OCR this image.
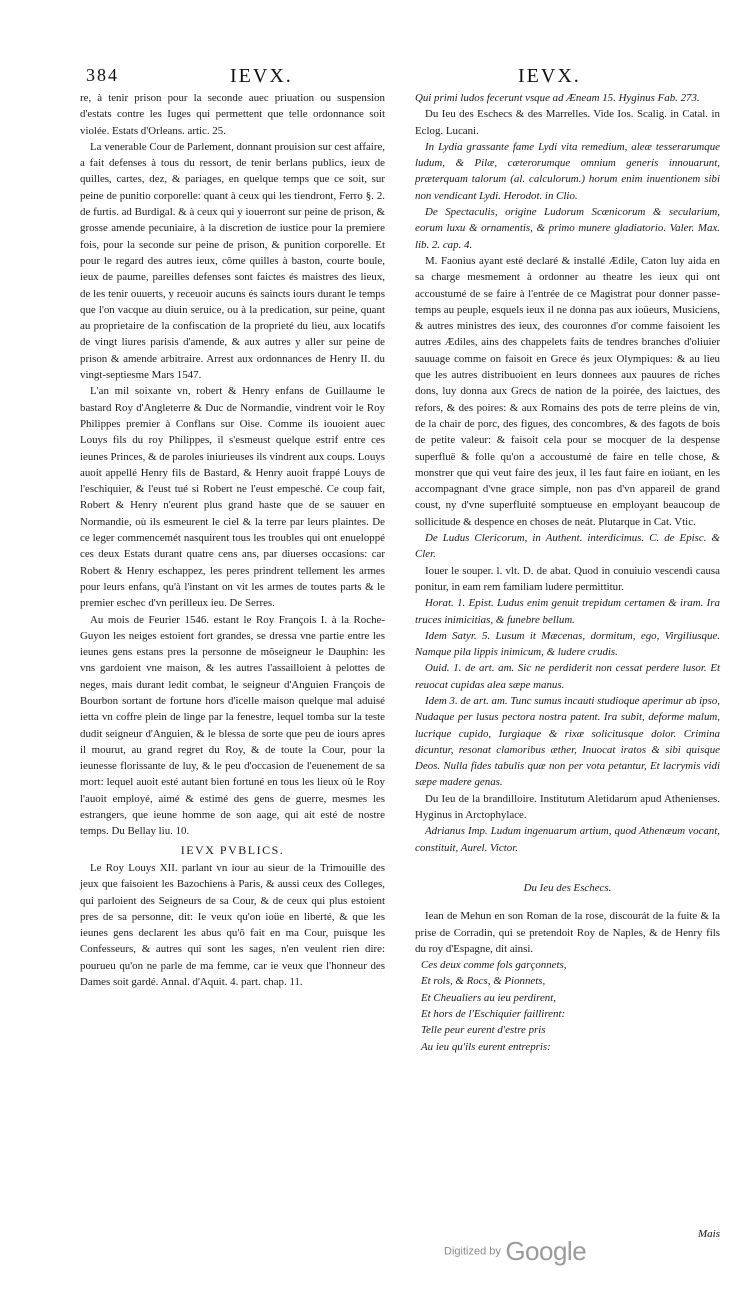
384	IEVX.	IEVX.

re, à tenir prison pour la seconde auec priuation ou suspension d'estats contre les Iuges qui permettent que telle ordonnance soit violée. Estats d'Orleans. artic. 25.

La venerable Cour de Parlement, donnant prouision sur cest affaire, a fait defenses à tous du ressort, de tenir berlans publics, ieux de quilles, cartes, dez, & pariages, en quelque temps que ce soit, sur peine de punitio corporelle: quant à ceux qui les tiendront, Ferro §. 2. de furtis. ad Burdigal. & à ceux qui y iouerront sur peine de prison, & grosse amende pecuniaire, à la discretion de iustice pour la premiere fois, pour la seconde sur peine de prison, & punition corporelle. Et pour le regard des autres ieux, côme quilles à baston, courte boule, ieux de paume, pareilles defenses sont faictes és maistres des lieux, de les tenir ouuerts, y receuoir aucuns és saincts iours durant le temps que l'on vacque au diuin seruice, ou à la predication, sur peine, quant au proprietaire de la confiscation de la proprieté du lieu, aux locatifs de vingt liures parisis d'amende, & aux autres y aller sur peine de prison & amende arbitraire. Arrest aux ordonnances de Henry II. du vingt-septiesme Mars 1547.

L'an mil soixante vn, robert & Henry enfans de Guillaume le bastard Roy d'Angleterre & Duc de Normandie, vindrent voir le Roy Philippes premier à Conflans sur Oise. Comme ils iouoient auec Louys fils du roy Philippes, il s'esmeust quelque estrif entre ces ieunes Princes, & de paroles iniurieuses ils vindrent aux coups. Louys auoit appellé Henry fils de Bastard, & Henry auoit frappé Louys de l'eschiquier, & l'eust tué si Robert ne l'eust empesché. Ce coup fait, Robert & Henry n'eurent plus grand haste que de se sauuer en Normandie, où ils esmeurent le ciel & la terre par leurs plaintes. De ce leger commencemét nasquirent tous les troubles qui ont enueloppé ces deux Estats durant quatre cens ans, par diuerses occasions: car Robert & Henry eschappez, les peres prindrent tellement les armes pour leurs enfans, qu'à l'instant on vit les armes de toutes parts & le premier eschec d'vn perilleux ieu. De Serres.

Au mois de Feurier 1546. estant le Roy François I. à la Roche-Guyon les neiges estoient fort grandes, se dressa vne partie entre les ieunes gens estans pres la personne de mõseigneur le Dauphin: les vns gardoient vne maison, & les autres l'assailloient à pelottes de neges, mais durant ledit combat, le seigneur d'Anguien François de Bourbon sortant de fortune hors d'icelle maison quelque mal aduisé ietta vn coffre plein de linge par la fenestre, lequel tomba sur la teste dudit seigneur d'Anguien, & le blessa de sorte que peu de iours apres il mourut, au grand regret du Roy, & de toute la Cour, pour la ieunesse florissante de luy, & le peu d'occasion de l'euenement de sa mort: lequel auoit esté autant bien fortuné en tous les lieux où le Roy l'auoit employé, aimé & estimé des gens de guerre, mesmes les estrangers, que ieune homme de son aage, qui ait esté de nostre temps. Du Bellay liu. 10.

IEVX PVBLICS.

Le Roy Louys XII. parlant vn iour au sieur de la Trimouille des jeux que faisoient les Bazochiens à Paris, & aussi ceux des Colleges, qui parloient des Seigneurs de sa Cour, & de ceux qui plus estoient pres de sa personne, dit: Ie veux qu'on ioüe en liberté, & que les ieunes gens declarent les abus qu'õ fait en ma Cour, puisque les Confesseurs, & autres qui sont les sages, n'en veulent rien dire: pourueu qu'on ne parle de ma femme, car ie veux que l'honneur des Dames soit gardé. Annal. d'Aquit. 4. part. chap. 11.

Qui primi ludos fecerunt vsque ad Æneam 15. Hyginus Fab. 273.

Du Ieu des Eschecs & des Marrelles. Vide Ios. Scalig. in Catal. in Eclog. Lucani.

In Lydia grassante fame Lydi vita remedium, aleæ tesserarumque ludum, & Pilæ, cæterorumque omnium generis innouarunt, præterquam talorum (al. calculorum.) horum enim inuentionem sibi non vendicant Lydi. Herodot. in Clio.

De Spectaculis, origine Ludorum Scænicorum & secularium, eorum luxu & ornamentis, & primo munere gladiatorio. Valer. Max. lib. 2. cap. 4.

M. Faonius ayant esté declaré & installé Ædile, Caton luy aida en sa charge mesmement à ordonner au theatre les ieux qui ont accoustumé de se faire à l'entrée de ce Magistrat pour donner passe-temps au peuple, esquels ieux il ne donna pas aux ioüeurs, Musiciens, & autres ministres des ieux, des couronnes d'or comme faisoient les autres Ædiles, ains des chappelets faits de tendres branches d'oliuier sauuage comme on faisoit en Grece és jeux Olympiques: & au lieu que les autres distribuoient en leurs donnees aux pauures de riches dons, luy donna aux Grecs de nation de la poirée, des laictues, des refors, & des poires: & aux Romains des pots de terre pleins de vin, de la chair de porc, des figues, des concombres, & des fagots de bois de petite valeur: & faisoit cela pour se mocquer de la despense superfluë & folle qu'on a accoustumé de faire en telle chose, & monstrer que qui veut faire des jeux, il les faut faire en ioüant, en les accompagnant d'vne grace simple, non pas d'vn appareil de grand coust, ny d'vne superfluité somptueuse en employant beaucoup de sollicitude & despence en choses de neát. Plutarque in Cat. Vtic.

De Ludus Clericorum, in Authent. interdicimus. C. de Episc. & Cler.

Iouer le souper. l. vlt. D. de abat. Quod in conuiuio vescendi causa ponitur, in eam rem familiam ludere permittitur.

Horat. 1. Epist. Ludus enim genuit trepidum certamen & iram. Ira truces inimicitias, & funebre bellum.

Idem Satyr. 5. Lusum it Mæcenas, dormitum, ego, Virgiliusque. Namque pila lippis inimicum, & ludere crudis.

Ouid. 1. de art. am. Sic ne perdiderit non cessat perdere lusor. Et reuocat cupidas alea sæpe manus.

Idem 3. de art. am. Tunc sumus incauti studioque aperimur ab ipso, Nudaque per lusus pectora nostra patent. Ira subit, deforme malum, lucrique cupido, Iurgiaque & rixæ solicitusque dolor. Crimina dicuntur, resonat clamoribus æther, Inuocat iratos & sibi quisque Deos. Nulla fides tabulis quæ non per vota petantur, Et lacrymis vidi sæpe madere genas.

Du Ieu de la brandilloire. Institutum Aletidarum apud Athenienses. Hyginus in Arctophylace.

Adrianus Imp. Ludum ingenuarum artium, quod Athenæum vocant, constituit, Aurel. Victor.

Du Ieu des Eschecs.

Iean de Mehun en son Roman de la rose, discourát de la fuite & la prise de Corradin, qui se pretendoit Roy de Naples, & de Henry fils du roy d'Espagne, dit ainsi.

Ces deux comme fols garçonnets,

Et rols, & Rocs, & Pionnets,

Et Cheualiers au ieu perdirent,

Et hors de l'Eschiquier faillirent:

Telle peur eurent d'estre pris

Au ieu qu'ils eurent entrepris:

Mais
Digitized by Google
